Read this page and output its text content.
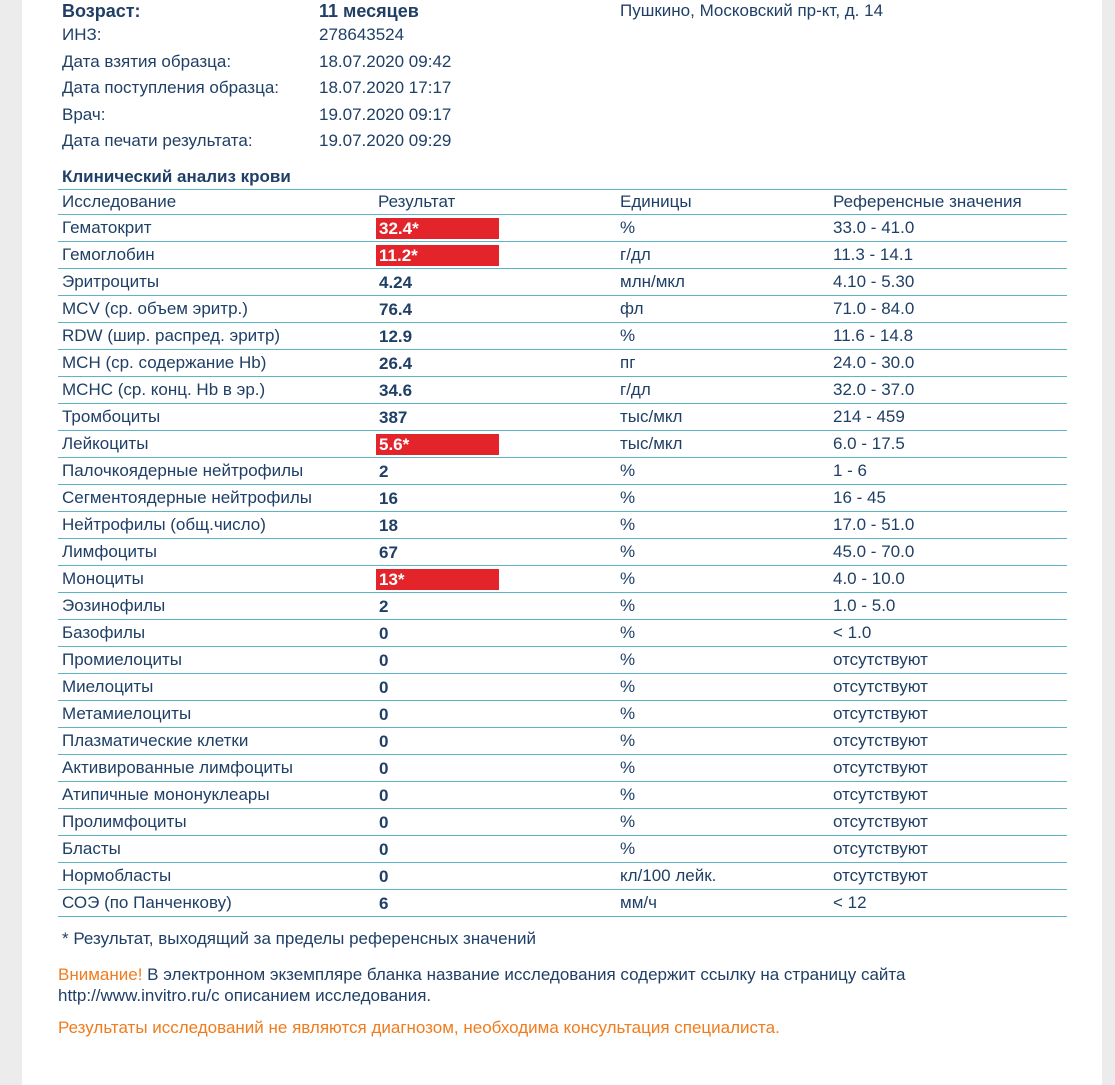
Возраст:	11 месяцев
ИНЗ:	278643524
Дата взятия образца:	18.07.2020 09:42
Дата поступления образца: 18.07.2020 17:17
Врач:	19.07.2020 09:17
Дата печати результата:	19.07.2020 09:29
Пушкино, Московский пр-кт, д. 14
Клинический анализ крови
Исследование	Результат	Единицы	Референсные значения
Гематокрит	32.4*	%	33.0 - 41.0
Гемоглобин	11.2*	г/дл	11.3 - 14.1
Эритроциты	4.24	млн/мкл	4.10 - 5.30
MCV (ср. объем эритр.)	76.4	фл	71.0 - 84.0
RDW (шир. распред. эритр)	12.9	%	11.6 - 14.8
MCH (ср. содержание Hb)	26.4	пг	24.0 - 30.0
MCHC (ср. конц. Hb в эр.)	34.6	г/дл	32.0 - 37.0
Тромбоциты	387	тыс/мкл	214 - 459
Лейкоциты	5.6*	тыс/мкл	6.0 - 17.5
Палочкоядерные нейтрофилы	2	%	1 - 6
Сегментоядерные нейтрофилы	16	%	16 - 45
Нейтрофилы (общ.число)	18	%	17.0 - 51.0
Лимфоциты	67	%	45.0 - 70.0
Моноциты	13*	%	4.0 - 10.0
Эозинофилы	2	%	1.0 - 5.0
Базофилы	0	%	< 1.0
Промиелоциты	0	%	отсутствуют
Миелоциты	0	%	отсутствуют
Метамиелоциты	0	%	отсутствуют
Плазматические клетки	0	%	отсутствуют
Активированные лимфоциты	0	%	отсутствуют
Атипичные мононуклеары	0	%	отсутствуют
Пролимфоциты	0	%	отсутствуют
Бласты	0	%	отсутствуют
Нормобласты	0	кл/100 лейк.	отсутствуют
СОЭ (по Панченкову)	6	мм/ч	< 12
* Результат, выходящий за пределы референсных значений
Внимание! В электронном экземпляре бланка название исследования содержит ссылку на страницу сайта
http://www.invitro.ru/с описанием исследования.
Результаты исследований не являются диагнозом, необходима консультация специалиста.
